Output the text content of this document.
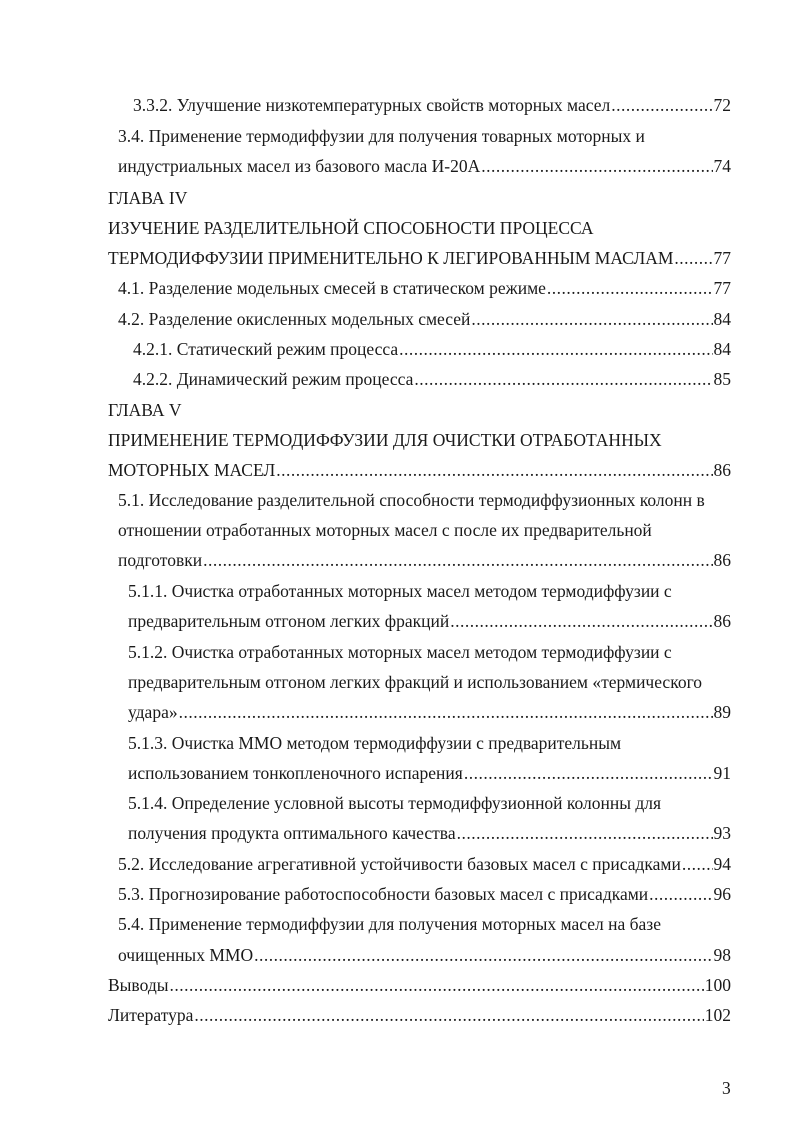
3.3.2. Улучшение низкотемпературных свойств моторных масел .....	72
3.4. Применение термодиффузии для получения товарных моторных и
индустриальных масел из базового масла И-20А .....	74
ГЛАВА IV
ИЗУЧЕНИЕ РАЗДЕЛИТЕЛЬНОЙ СПОСОБНОСТИ ПРОЦЕССА
ТЕРМОДИФФУЗИИ ПРИМЕНИТЕЛЬНО К ЛЕГИРОВАННЫМ МАСЛАМ ..... 77
4.1. Разделение модельных смесей в статическом режиме .....	77
4.2. Разделение окисленных модельных смесей .....	84
4.2.1. Статический режим процесса .....	84
4.2.2. Динамический режим процесса .....	85
ГЛАВА V
ПРИМЕНЕНИЕ ТЕРМОДИФФУЗИИ ДЛЯ ОЧИСТКИ ОТРАБОТАННЫХ
МОТОРНЫХ МАСЕЛ .....	86
5.1. Исследование разделительной способности термодиффузионных колонн в
отношении отработанных моторных масел с после их предварительной
подготовки .....	86
5.1.1. Очистка отработанных моторных масел методом термодиффузии с
предварительным отгоном легких фракций .....	86
5.1.2. Очистка отработанных моторных масел методом термодиффузии с
предварительным отгоном легких фракций и использованием «термического
удара» .....	89
5.1.3. Очистка ММО методом термодиффузии с предварительным
использованием тонкопленочного испарения .....	91
5.1.4. Определение условной высоты термодиффузионной колонны для
получения продукта оптимального качества .....	93
5.2. Исследование агрегативной устойчивости базовых масел с присадками ..... 94
5.3. Прогнозирование работоспособности базовых масел с присадками .....	96
5.4. Применение термодиффузии для получения моторных масел на базе
очищенных ММО .....	98
Выводы .....	100
Литература .....	102
3
